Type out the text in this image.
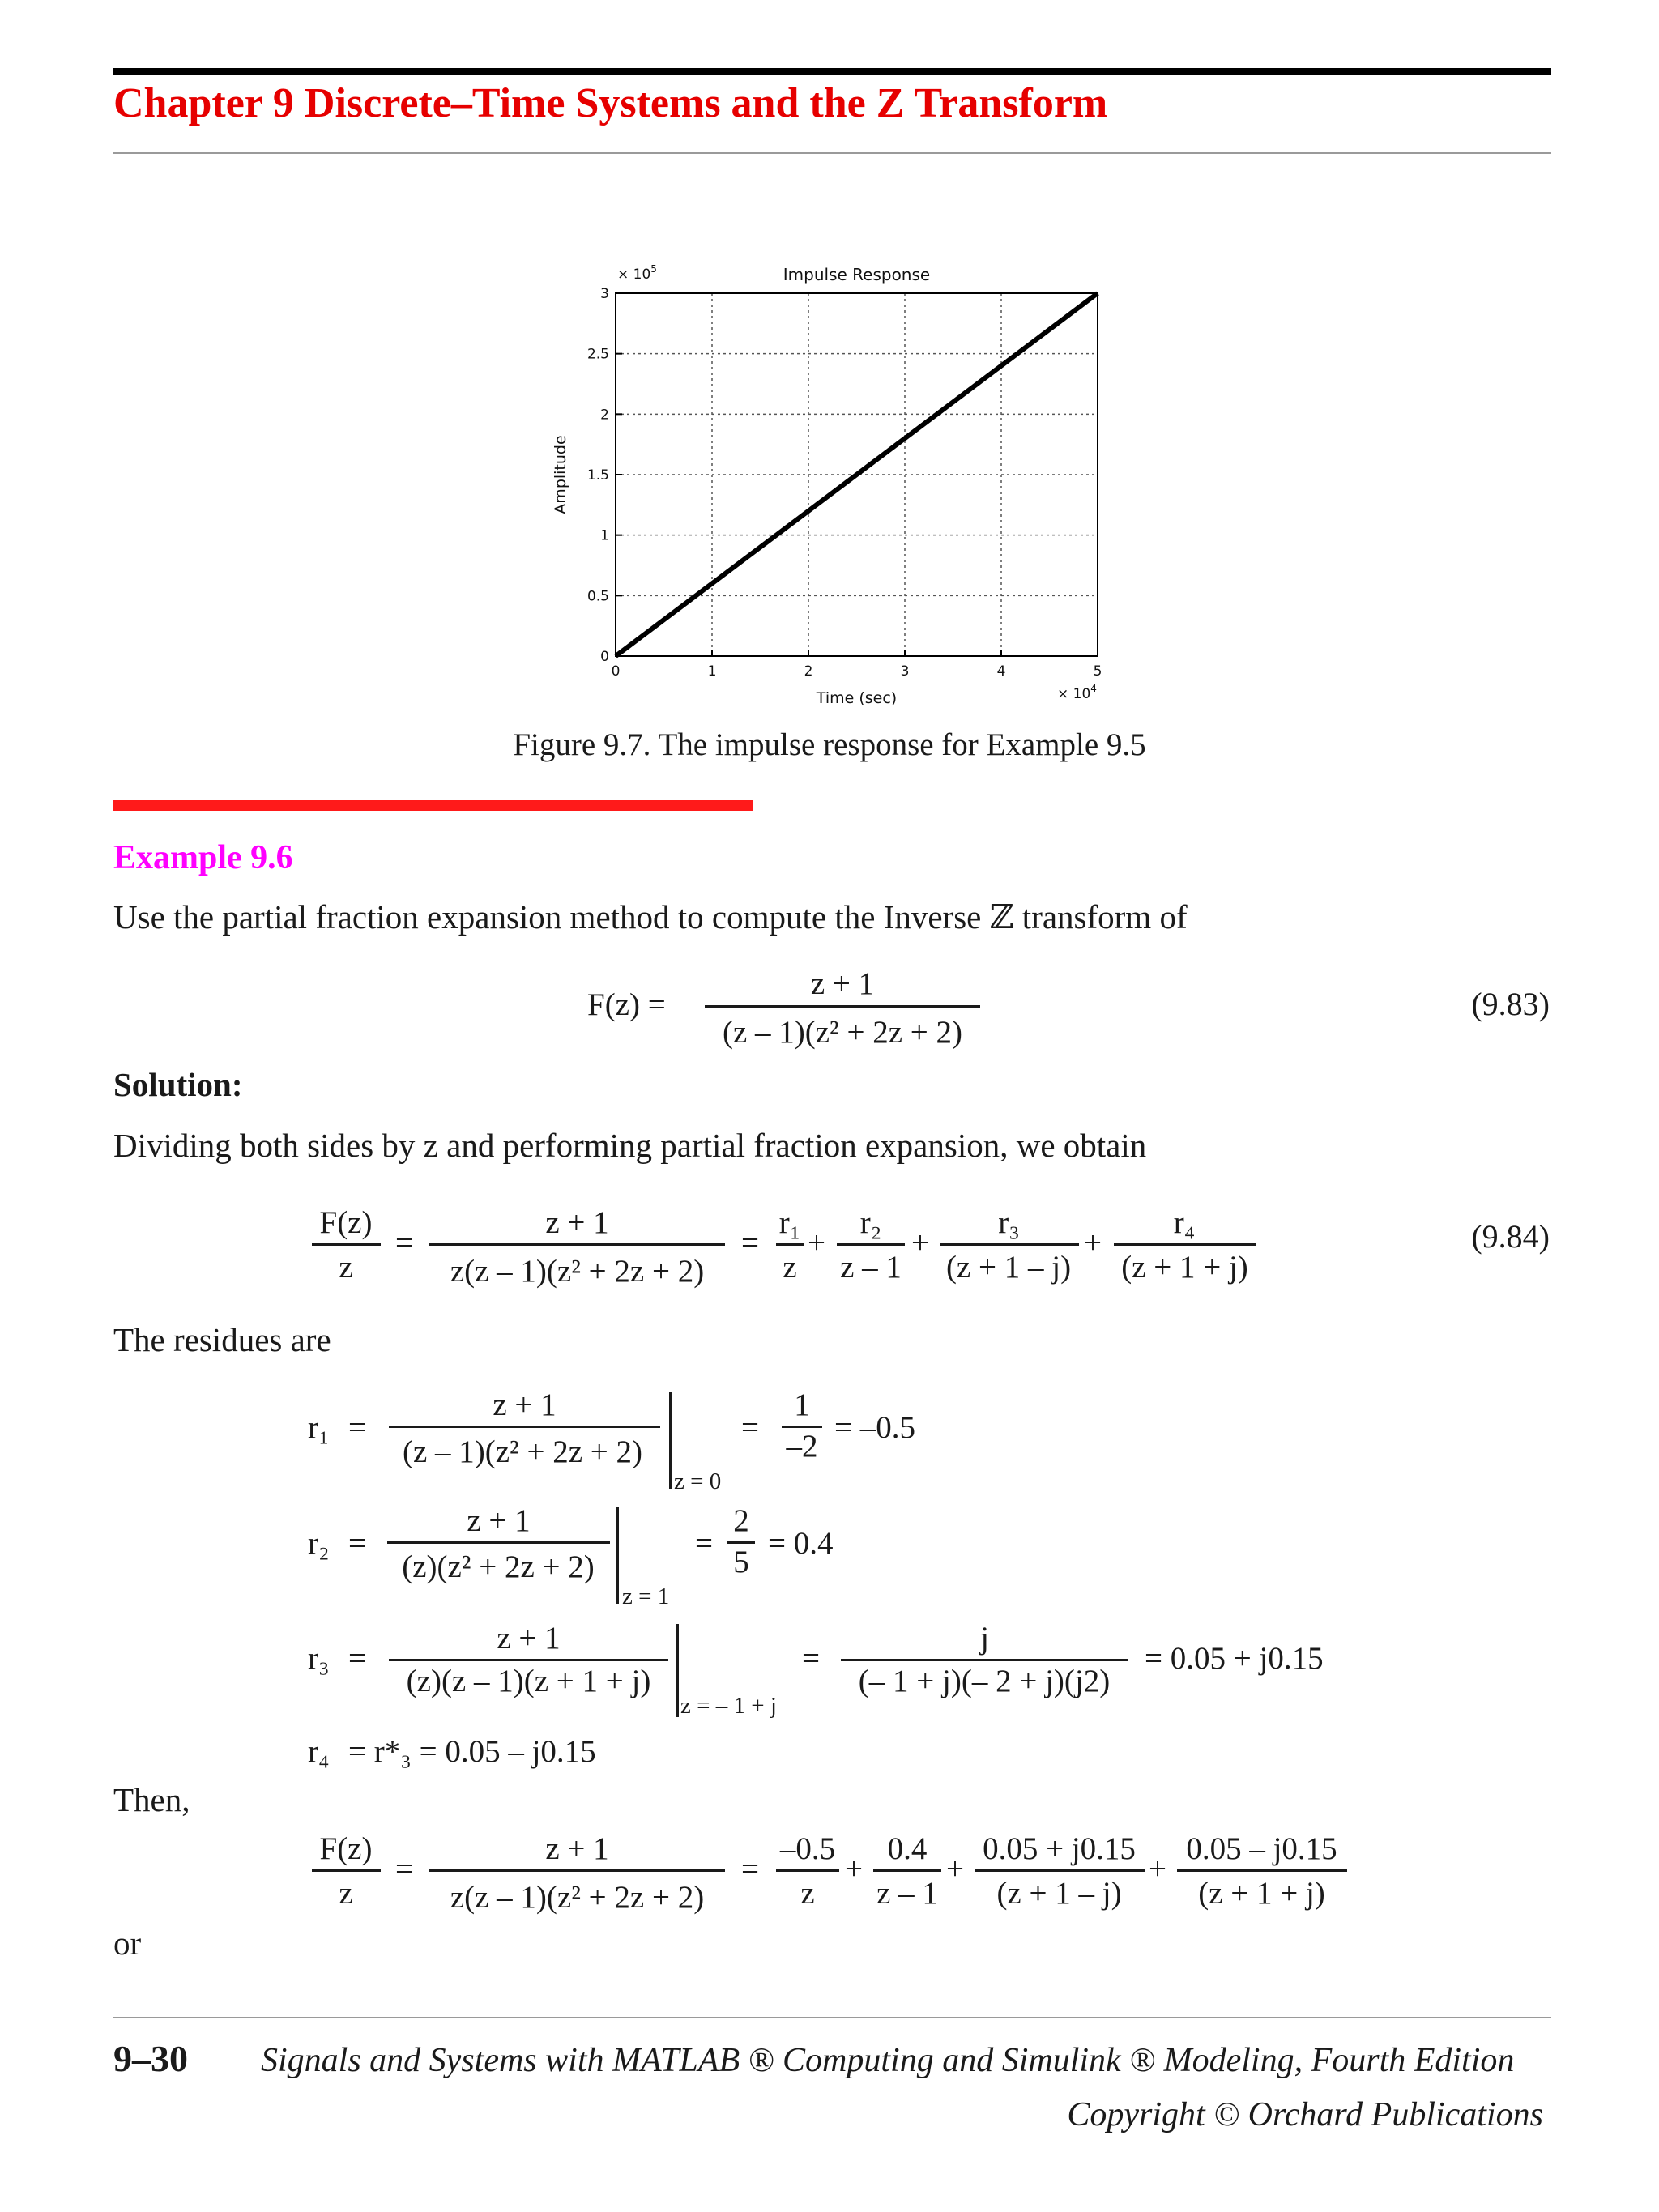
Chapter 9 Discrete–Time Systems and the Z Transform
0	1	2	3	4	5
0
0.5
1
1.5
2
2.5
3
Impulse Response
Time (sec)
Amplitude
× $10^5$
× $10^4$
Figure 9.7. The impulse response for Example 9.5
Example 9.6
Use the partial fraction expansion method to compute the Inverse ℤ transform of
F(z) =
z + 1
(z – 1)(z² + 2z + 2)
(9.83)
Solution:
Dividing both sides by z and performing partial fraction expansion, we obtain
F(z)
z
=
z + 1
z(z – 1)(z² + 2z + 2)
=
r₁
z
+
r₂
z – 1
+
r₃
(z + 1 – j)
+
r₄
(z + 1 + j)
(9.84)
The residues are
r₁ =
z + 1
(z – 1)(z² + 2z + 2)
z = 0
=
1
–2
= –0.5
r₂ =
z + 1
(z)(z² + 2z + 2)
z = 1
=
2
5
= 0.4
r₃ =
z + 1
(z)(z – 1)(z + 1 + j)
z = – 1 + j
=
j
(– 1 + j)(– 2 + j)(j2)
= 0.05 + j0.15
r₄ = r*₃ = 0.05 – j0.15
Then,
F(z)
z
=
z + 1
z(z – 1)(z² + 2z + 2)
=
–0.5
z
+
0.4
z – 1
+
0.05 + j0.15
(z + 1 – j)
+
0.05 – j0.15
(z + 1 + j)
or
9–30 Signals and Systems with MATLAB ® Computing and Simulink ® Modeling, Fourth Edition
Copyright © Orchard Publications
